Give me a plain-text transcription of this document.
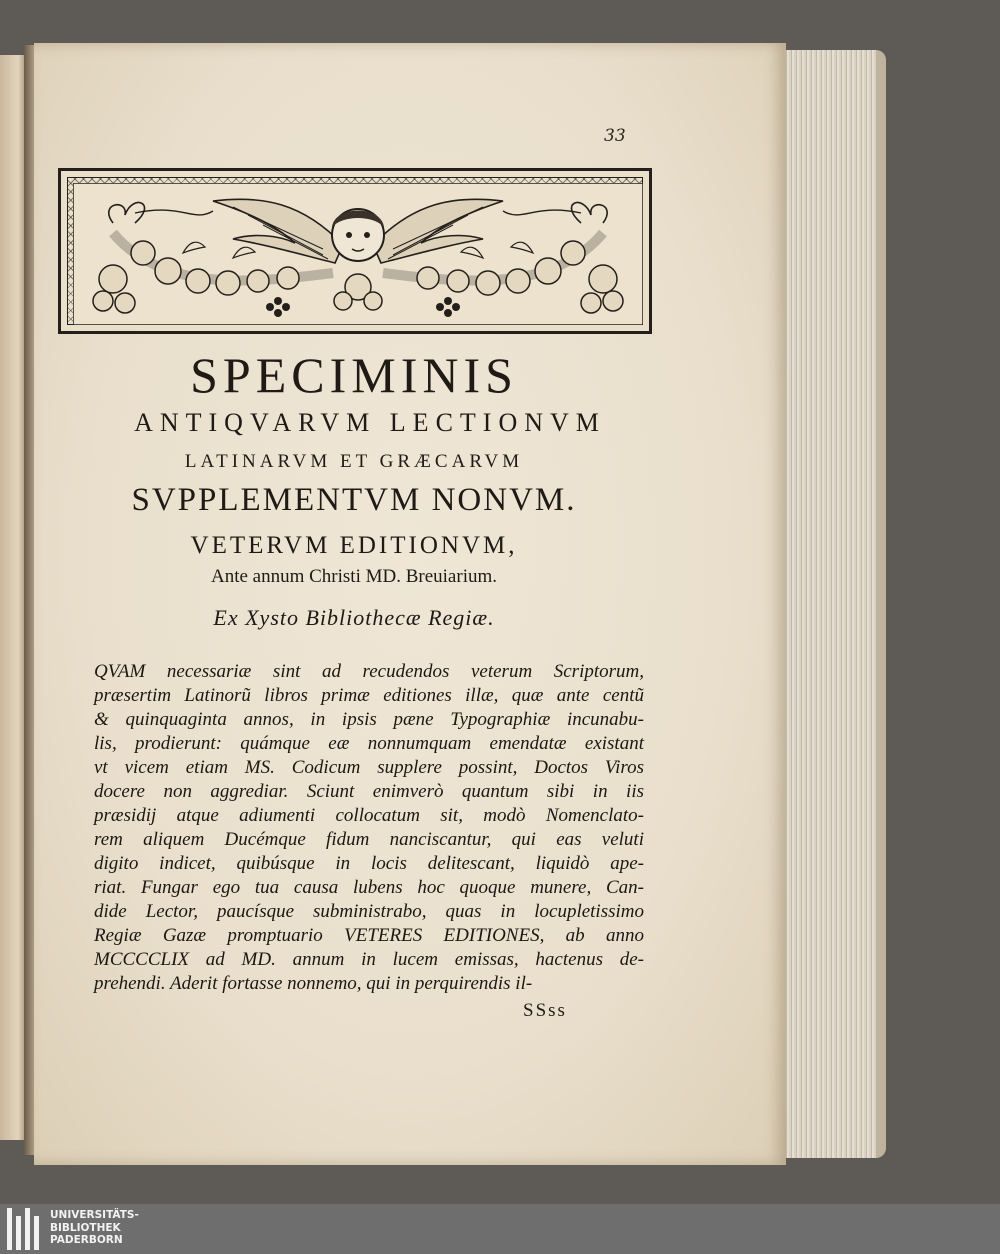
33
SPECIMINIS
ANTIQVARVM LECTIONVM
LATINARVM ET GRÆCARVM
SVPPLEMENTVM NONVM.
VETERVM EDITIONVM,
Ante annum Christi MD. Breuiarium.
Ex Xysto Bibliothecæ Regiæ.
QVAM necessariæ sint ad recudendos veterum Scriptorum,
præsertim Latinorũ libros primæ editiones illæ, quæ ante centũ
& quinquaginta annos, in ipsis pæne Typographiæ incunabu-
lis, prodierunt: quámque eæ nonnumquam emendatæ existant
vt vicem etiam MS. Codicum supplere possint, Doctos Viros
docere non aggrediar. Sciunt enimverò quantum sibi in iis
præsidij atque adiumenti collocatum sit, modò Nomenclato-
rem aliquem Ducémque fidum nanciscantur, qui eas veluti
digito indicet, quibúsque in locis delitescant, liquidò ape-
riat. Fungar ego tua causa lubens hoc quoque munere, Can-
dide Lector, paucísque subministrabo, quas in locupletissimo
Regiæ Gazæ promptuario VETERES EDITIONES, ab anno
MCCCCLIX ad MD. annum in lucem emissas, hactenus de-
prehendi. Aderit fortasse nonnemo, qui in perquirendis il-
SSss
UNIVERSITÄTS-
BIBLIOTHEK
PADERBORN
